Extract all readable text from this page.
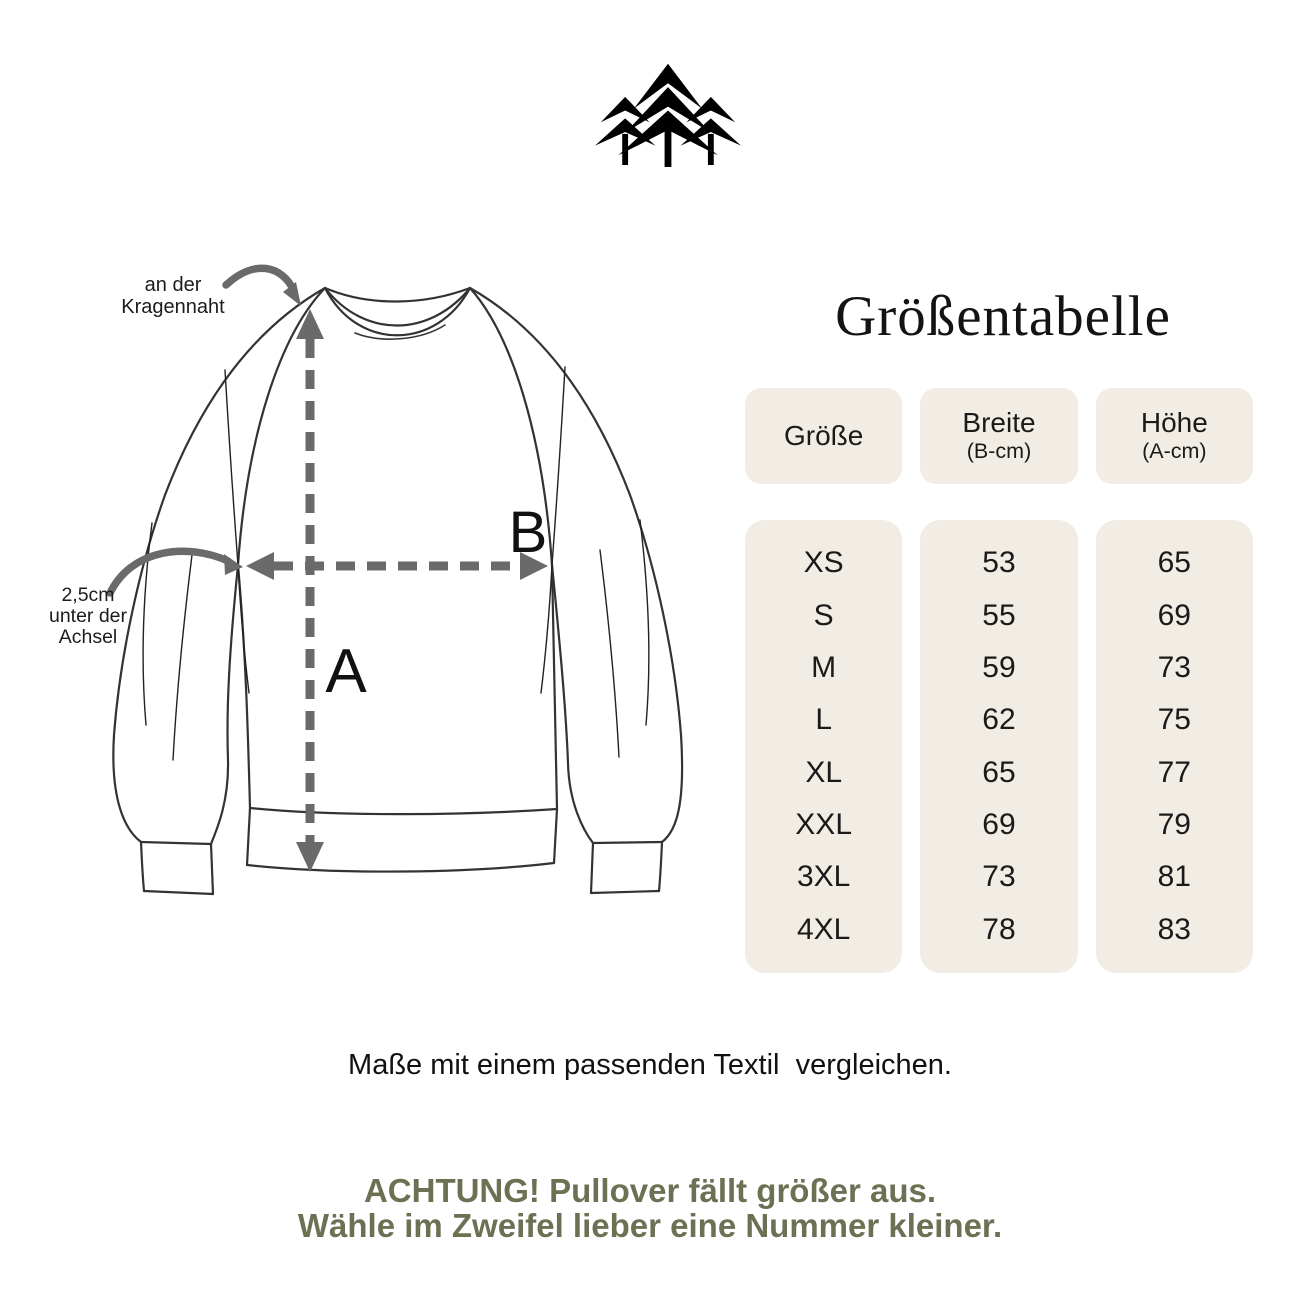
Größentabelle
an der
Kragennaht
2,5cm
unter der
Achsel	A
B
Größe	Breite
(B-cm)
Höhe
(A-cm)
XS
S
M
L
XL
XXL
3XL
4XL
53
55
59
62
65
69
73
78
65
69
73
75
77
79
81
83
Maße mit einem passenden Textil  vergleichen.
ACHTUNG! Pullover fällt größer aus.
Wähle im Zweifel lieber eine Nummer kleiner.
